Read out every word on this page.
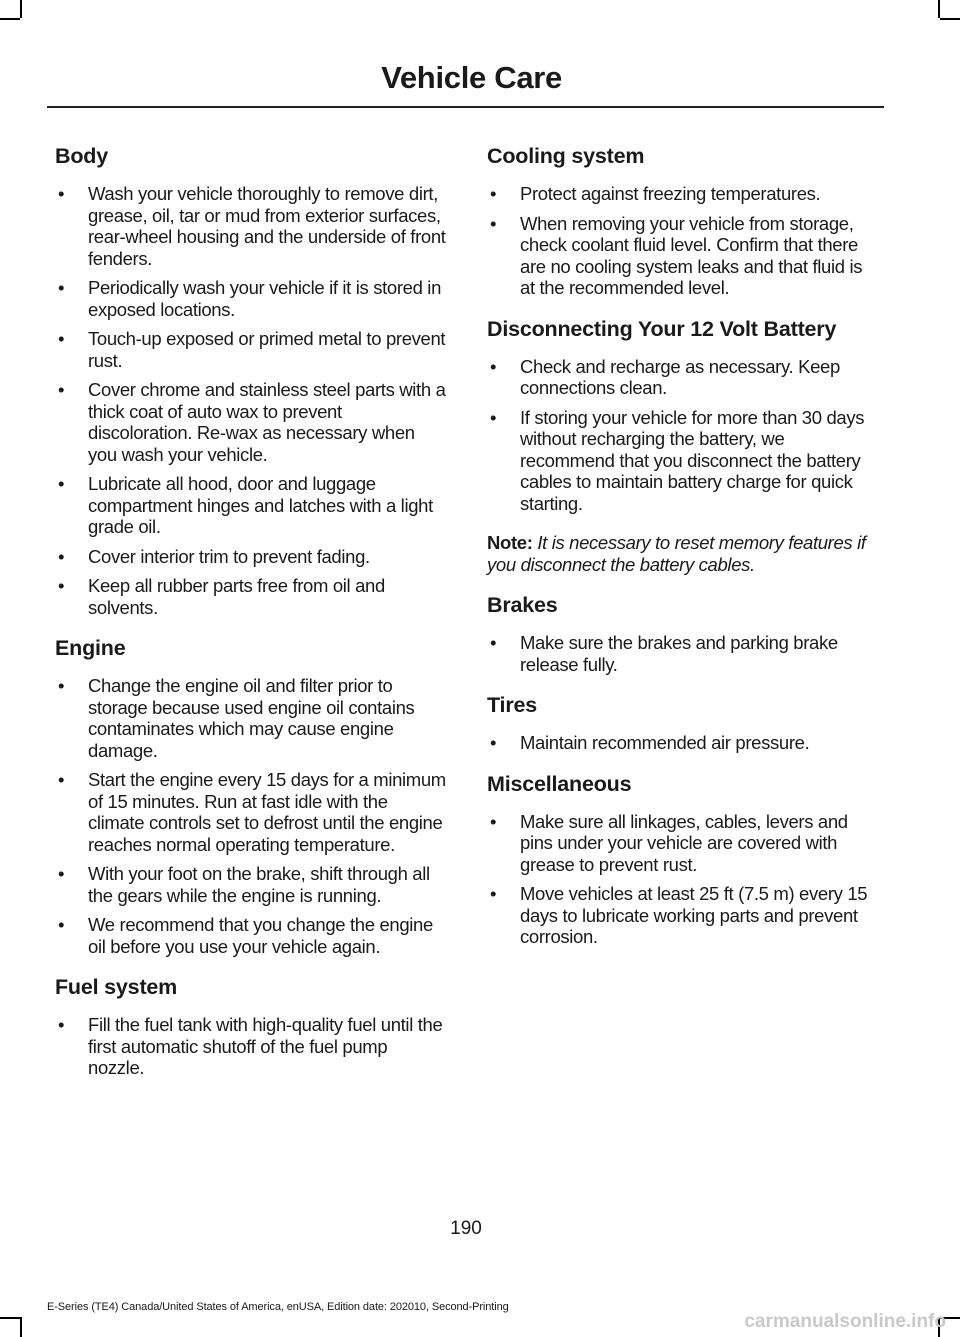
Vehicle Care
Body
• Wash your vehicle thoroughly to remove dirt, grease, oil, tar or mud from exterior surfaces, rear-wheel housing and the underside of front fenders.
• Periodically wash your vehicle if it is stored in exposed locations.
• Touch-up exposed or primed metal to prevent rust.
• Cover chrome and stainless steel parts with a thick coat of auto wax to prevent discoloration. Re-wax as necessary when you wash your vehicle.
• Lubricate all hood, door and luggage compartment hinges and latches with a light grade oil.
• Cover interior trim to prevent fading.
• Keep all rubber parts free from oil and solvents.
Engine
• Change the engine oil and filter prior to storage because used engine oil contains contaminates which may cause engine damage.
• Start the engine every 15 days for a minimum of 15 minutes. Run at fast idle with the climate controls set to defrost until the engine reaches normal operating temperature.
• With your foot on the brake, shift through all the gears while the engine is running.
• We recommend that you change the engine oil before you use your vehicle again.
Fuel system
• Fill the fuel tank with high-quality fuel until the first automatic shutoff of the fuel pump nozzle.
Cooling system
• Protect against freezing temperatures.
• When removing your vehicle from storage, check coolant fluid level. Confirm that there are no cooling system leaks and that fluid is at the recommended level.
Disconnecting Your 12 Volt Battery
• Check and recharge as necessary. Keep connections clean.
• If storing your vehicle for more than 30 days without recharging the battery, we recommend that you disconnect the battery cables to maintain battery charge for quick starting.

Note: It is necessary to reset memory features if you disconnect the battery cables.

Brakes
• Make sure the brakes and parking brake release fully.
Tires
• Maintain recommended air pressure.
Miscellaneous
• Make sure all linkages, cables, levers and pins under your vehicle are covered with grease to prevent rust.
• Move vehicles at least 25 ft (7.5 m) every 15 days to lubricate working parts and prevent corrosion.
190
E-Series (TE4) Canada/United States of America, enUSA, Edition date: 202010, Second-Printing
carmanualsonline.info
